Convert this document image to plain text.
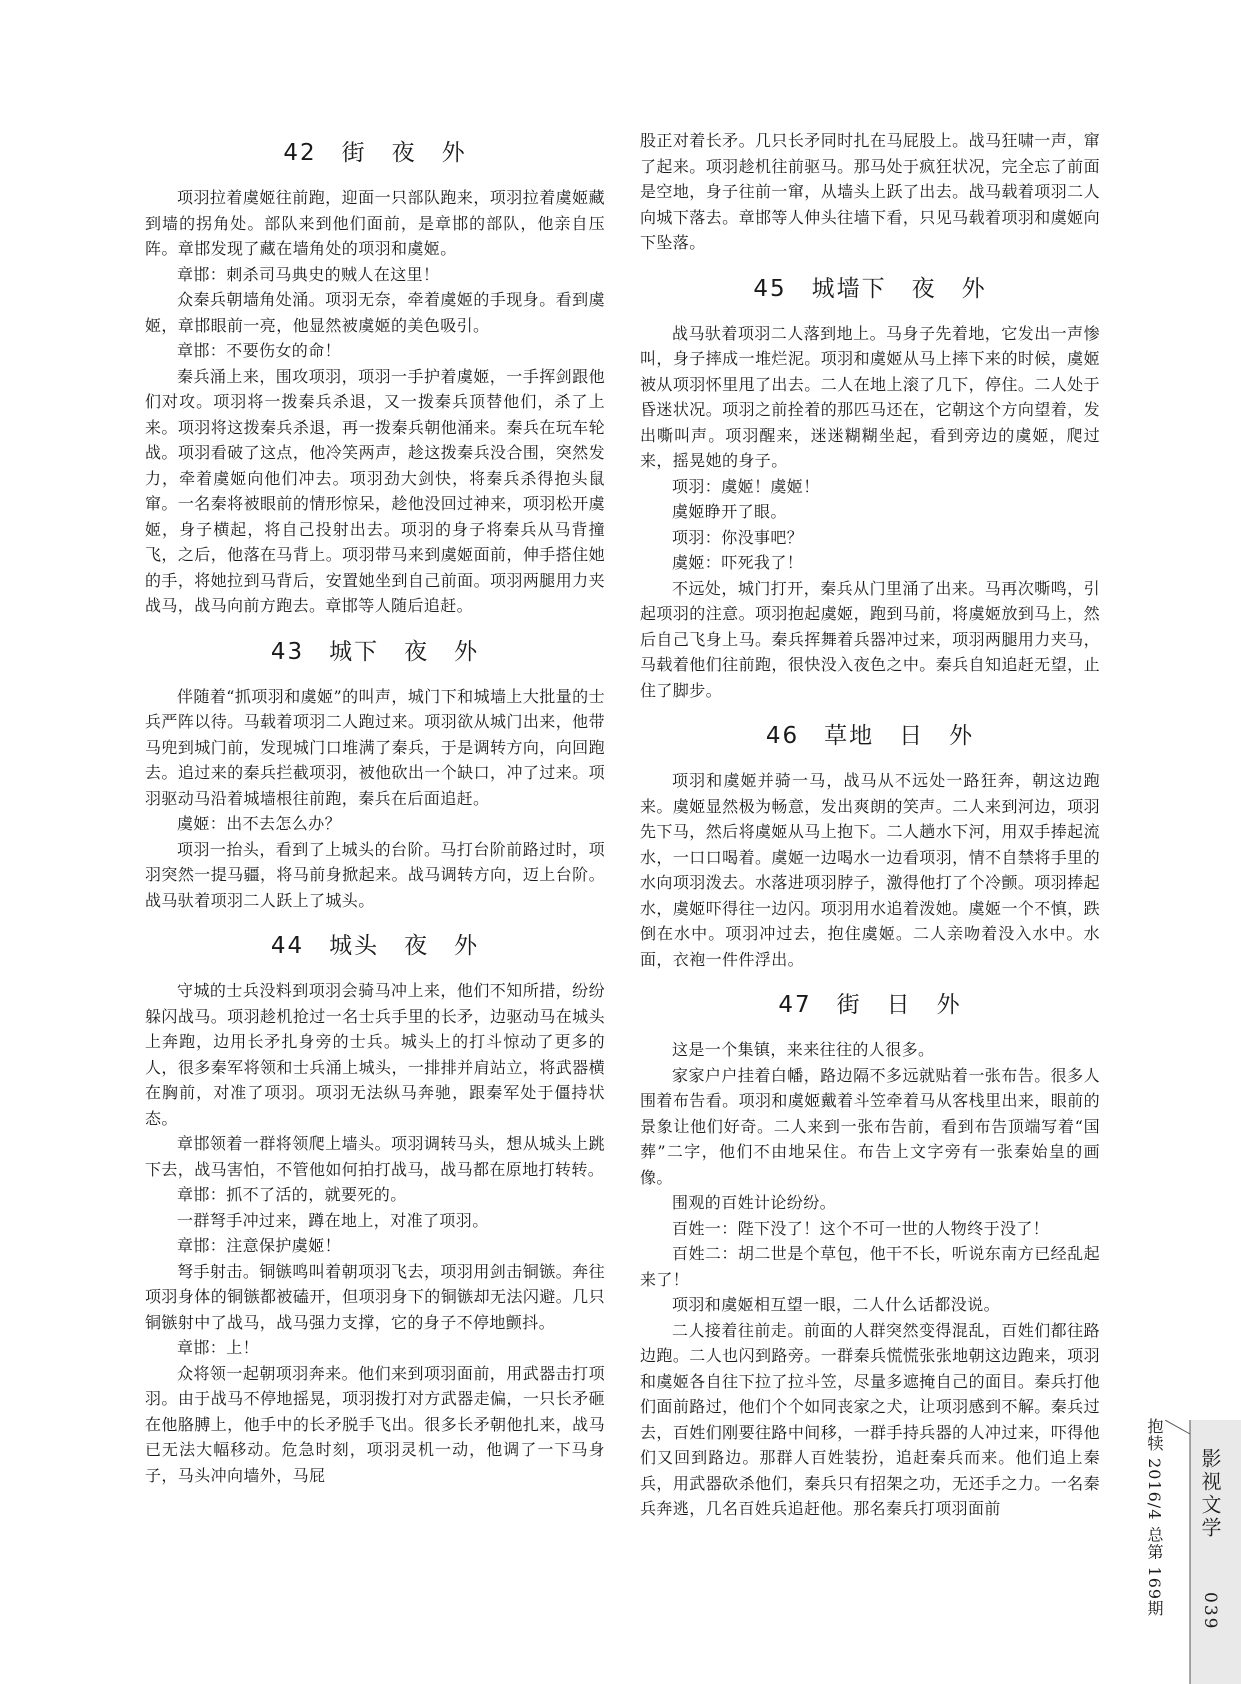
42　街　夜　外

项羽拉着虞姬往前跑，迎面一只部队跑来，项羽拉着虞姬藏到墙的拐角处。部队来到他们面前，是章邯的部队，他亲自压阵。章邯发现了藏在墙角处的项羽和虞姬。

章邯：刺杀司马典史的贼人在这里！

众秦兵朝墙角处涌。项羽无奈，牵着虞姬的手现身。看到虞姬，章邯眼前一亮，他显然被虞姬的美色吸引。

章邯：不要伤女的命！

秦兵涌上来，围攻项羽，项羽一手护着虞姬，一手挥剑跟他们对攻。项羽将一拨秦兵杀退，又一拨秦兵顶替他们，杀了上来。项羽将这拨秦兵杀退，再一拨秦兵朝他涌来。秦兵在玩车轮战。项羽看破了这点，他冷笑两声，趁这拨秦兵没合围，突然发力，牵着虞姬向他们冲去。项羽劲大剑快，将秦兵杀得抱头鼠窜。一名秦将被眼前的情形惊呆，趁他没回过神来，项羽松开虞姬，身子横起，将自己投射出去。项羽的身子将秦兵从马背撞飞，之后，他落在马背上。项羽带马来到虞姬面前，伸手搭住她的手，将她拉到马背后，安置她坐到自己前面。项羽两腿用力夹战马，战马向前方跑去。章邯等人随后追赶。

43　城下　夜　外

伴随着“抓项羽和虞姬”的叫声，城门下和城墙上大批量的士兵严阵以待。马载着项羽二人跑过来。项羽欲从城门出来，他带马兜到城门前，发现城门口堆满了秦兵，于是调转方向，向回跑去。追过来的秦兵拦截项羽，被他砍出一个缺口，冲了过来。项羽驱动马沿着城墙根往前跑，秦兵在后面追赶。

虞姬：出不去怎么办？

项羽一抬头，看到了上城头的台阶。马打台阶前路过时，项羽突然一提马疆，将马前身掀起来。战马调转方向，迈上台阶。战马驮着项羽二人跃上了城头。

44　城头　夜　外

守城的士兵没料到项羽会骑马冲上来，他们不知所措，纷纷躲闪战马。项羽趁机抢过一名士兵手里的长矛，边驱动马在城头上奔跑，边用长矛扎身旁的士兵。城头上的打斗惊动了更多的人，很多秦军将领和士兵涌上城头，一排排并肩站立，将武器横在胸前，对准了项羽。项羽无法纵马奔驰，跟秦军处于僵持状态。

章邯领着一群将领爬上墙头。项羽调转马头，想从城头上跳下去，战马害怕，不管他如何拍打战马，战马都在原地打转转。

章邯：抓不了活的，就要死的。

一群弩手冲过来，蹲在地上，对准了项羽。

章邯：注意保护虞姬！

弩手射击。铜镞鸣叫着朝项羽飞去，项羽用剑击铜镞。奔往项羽身体的铜镞都被磕开，但项羽身下的铜镞却无法闪避。几只铜镞射中了战马，战马强力支撑，它的身子不停地颤抖。

章邯：上！

众将领一起朝项羽奔来。他们来到项羽面前，用武器击打项羽。由于战马不停地摇晃，项羽拨打对方武器走偏，一只长矛砸在他胳膊上，他手中的长矛脱手飞出。很多长矛朝他扎来，战马已无法大幅移动。危急时刻，项羽灵机一动，他调了一下马身子，马头冲向墙外，马屁

股正对着长矛。几只长矛同时扎在马屁股上。战马狂啸一声，窜了起来。项羽趁机往前驱马。那马处于疯狂状况，完全忘了前面是空地，身子往前一窜，从墙头上跃了出去。战马载着项羽二人向城下落去。章邯等人伸头往墙下看，只见马载着项羽和虞姬向下坠落。

45　城墙下　夜　外

战马驮着项羽二人落到地上。马身子先着地，它发出一声惨叫，身子摔成一堆烂泥。项羽和虞姬从马上摔下来的时候，虞姬被从项羽怀里甩了出去。二人在地上滚了几下，停住。二人处于昏迷状况。项羽之前拴着的那匹马还在，它朝这个方向望着，发出嘶叫声。项羽醒来，迷迷糊糊坐起，看到旁边的虞姬，爬过来，摇晃她的身子。

项羽：虞姬！虞姬！

虞姬睁开了眼。

项羽：你没事吧？

虞姬：吓死我了！

不远处，城门打开，秦兵从门里涌了出来。马再次嘶鸣，引起项羽的注意。项羽抱起虞姬，跑到马前，将虞姬放到马上，然后自己飞身上马。秦兵挥舞着兵器冲过来，项羽两腿用力夹马，马载着他们往前跑，很快没入夜色之中。秦兵自知追赶无望，止住了脚步。

46　草地　日　外

项羽和虞姬并骑一马，战马从不远处一路狂奔，朝这边跑来。虞姬显然极为畅意，发出爽朗的笑声。二人来到河边，项羽先下马，然后将虞姬从马上抱下。二人趟水下河，用双手捧起流水，一口口喝着。虞姬一边喝水一边看项羽，情不自禁将手里的水向项羽泼去。水落进项羽脖子，激得他打了个冷颤。项羽捧起水，虞姬吓得往一边闪。项羽用水追着泼她。虞姬一个不慎，跌倒在水中。项羽冲过去，抱住虞姬。二人亲吻着没入水中。水面，衣袍一件件浮出。

47　街　日　外

这是一个集镇，来来往往的人很多。

家家户户挂着白幡，路边隔不多远就贴着一张布告。很多人围着布告看。项羽和虞姬戴着斗笠牵着马从客栈里出来，眼前的景象让他们好奇。二人来到一张布告前，看到布告顶端写着“国葬”二字，他们不由地呆住。布告上文字旁有一张秦始皇的画像。

围观的百姓计论纷纷。

百姓一：陛下没了！这个不可一世的人物终于没了！

百姓二：胡二世是个草包，他干不长，听说东南方已经乱起来了！

项羽和虞姬相互望一眼，二人什么话都没说。

二人接着往前走。前面的人群突然变得混乱，百姓们都往路边跑。二人也闪到路旁。一群秦兵慌慌张张地朝这边跑来，项羽和虞姬各自往下拉了拉斗笠，尽量多遮掩自己的面目。秦兵打他们面前路过，他们个个如同丧家之犬，让项羽感到不解。秦兵过去，百姓们刚要往路中间移，一群手持兵器的人冲过来，吓得他们又回到路边。那群人百姓装扮，追赶秦兵而来。他们追上秦兵，用武器砍杀他们，秦兵只有招架之功，无还手之力。一名秦兵奔逃，几名百姓兵追赶他。那名秦兵打项羽面前	抱犊 2016/4 总第 169期 影视文学
039
